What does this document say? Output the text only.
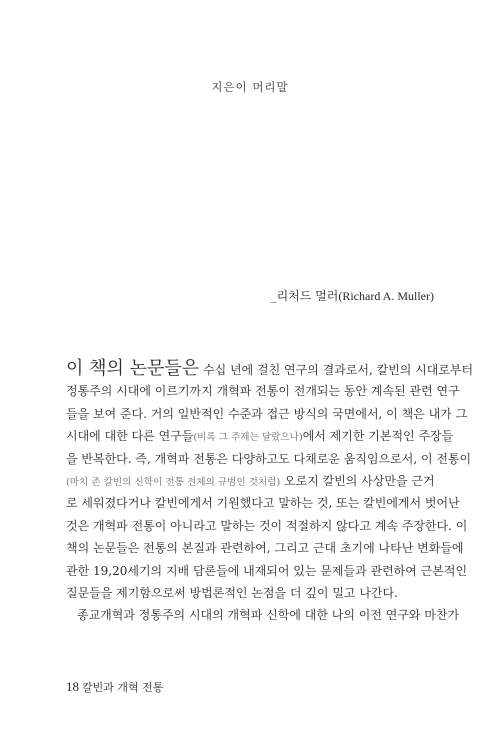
지은이 머리말
_리처드 멀러(Richard A. Muller)
이 책의 논문들은 수십 년에 걸친 연구의 결과로서, 칼빈의 시대로부터
정통주의 시대에 이르기까지 개혁파 전통이 전개되는 동안 계속된 관련 연구
들을 보여 준다. 거의 일반적인 수준과 접근 방식의 국면에서, 이 책은 내가 그
시대에 대한 다른 연구들(비록 그 주제는 달랐으나)에서 제기한 기본적인 주장들
을 반복한다. 즉, 개혁파 전통은 다양하고도 다채로운 움직임으로서, 이 전통이
(마치 존 칼빈의 신학이 전통 전체의 규범인 것처럼) 오로지 칼빈의 사상만을 근거
로 세워졌다거나 칼빈에게서 기원했다고 말하는 것, 또는 칼빈에게서 벗어난
것은 개혁파 전통이 아니라고 말하는 것이 적절하지 않다고 계속 주장한다. 이
책의 논문들은 전통의 본질과 관련하여, 그리고 근대 초기에 나타난 변화들에
관한 19,20세기의 지배 담론들에 내재되어 있는 문제들과 관련하여 근본적인
질문들을 제기함으로써 방법론적인 논점을 더 깊이 밀고 나간다.
종교개혁과 정통주의 시대의 개혁파 신학에 대한 나의 이전 연구와 마찬가
18 칼빈과 개혁 전통
